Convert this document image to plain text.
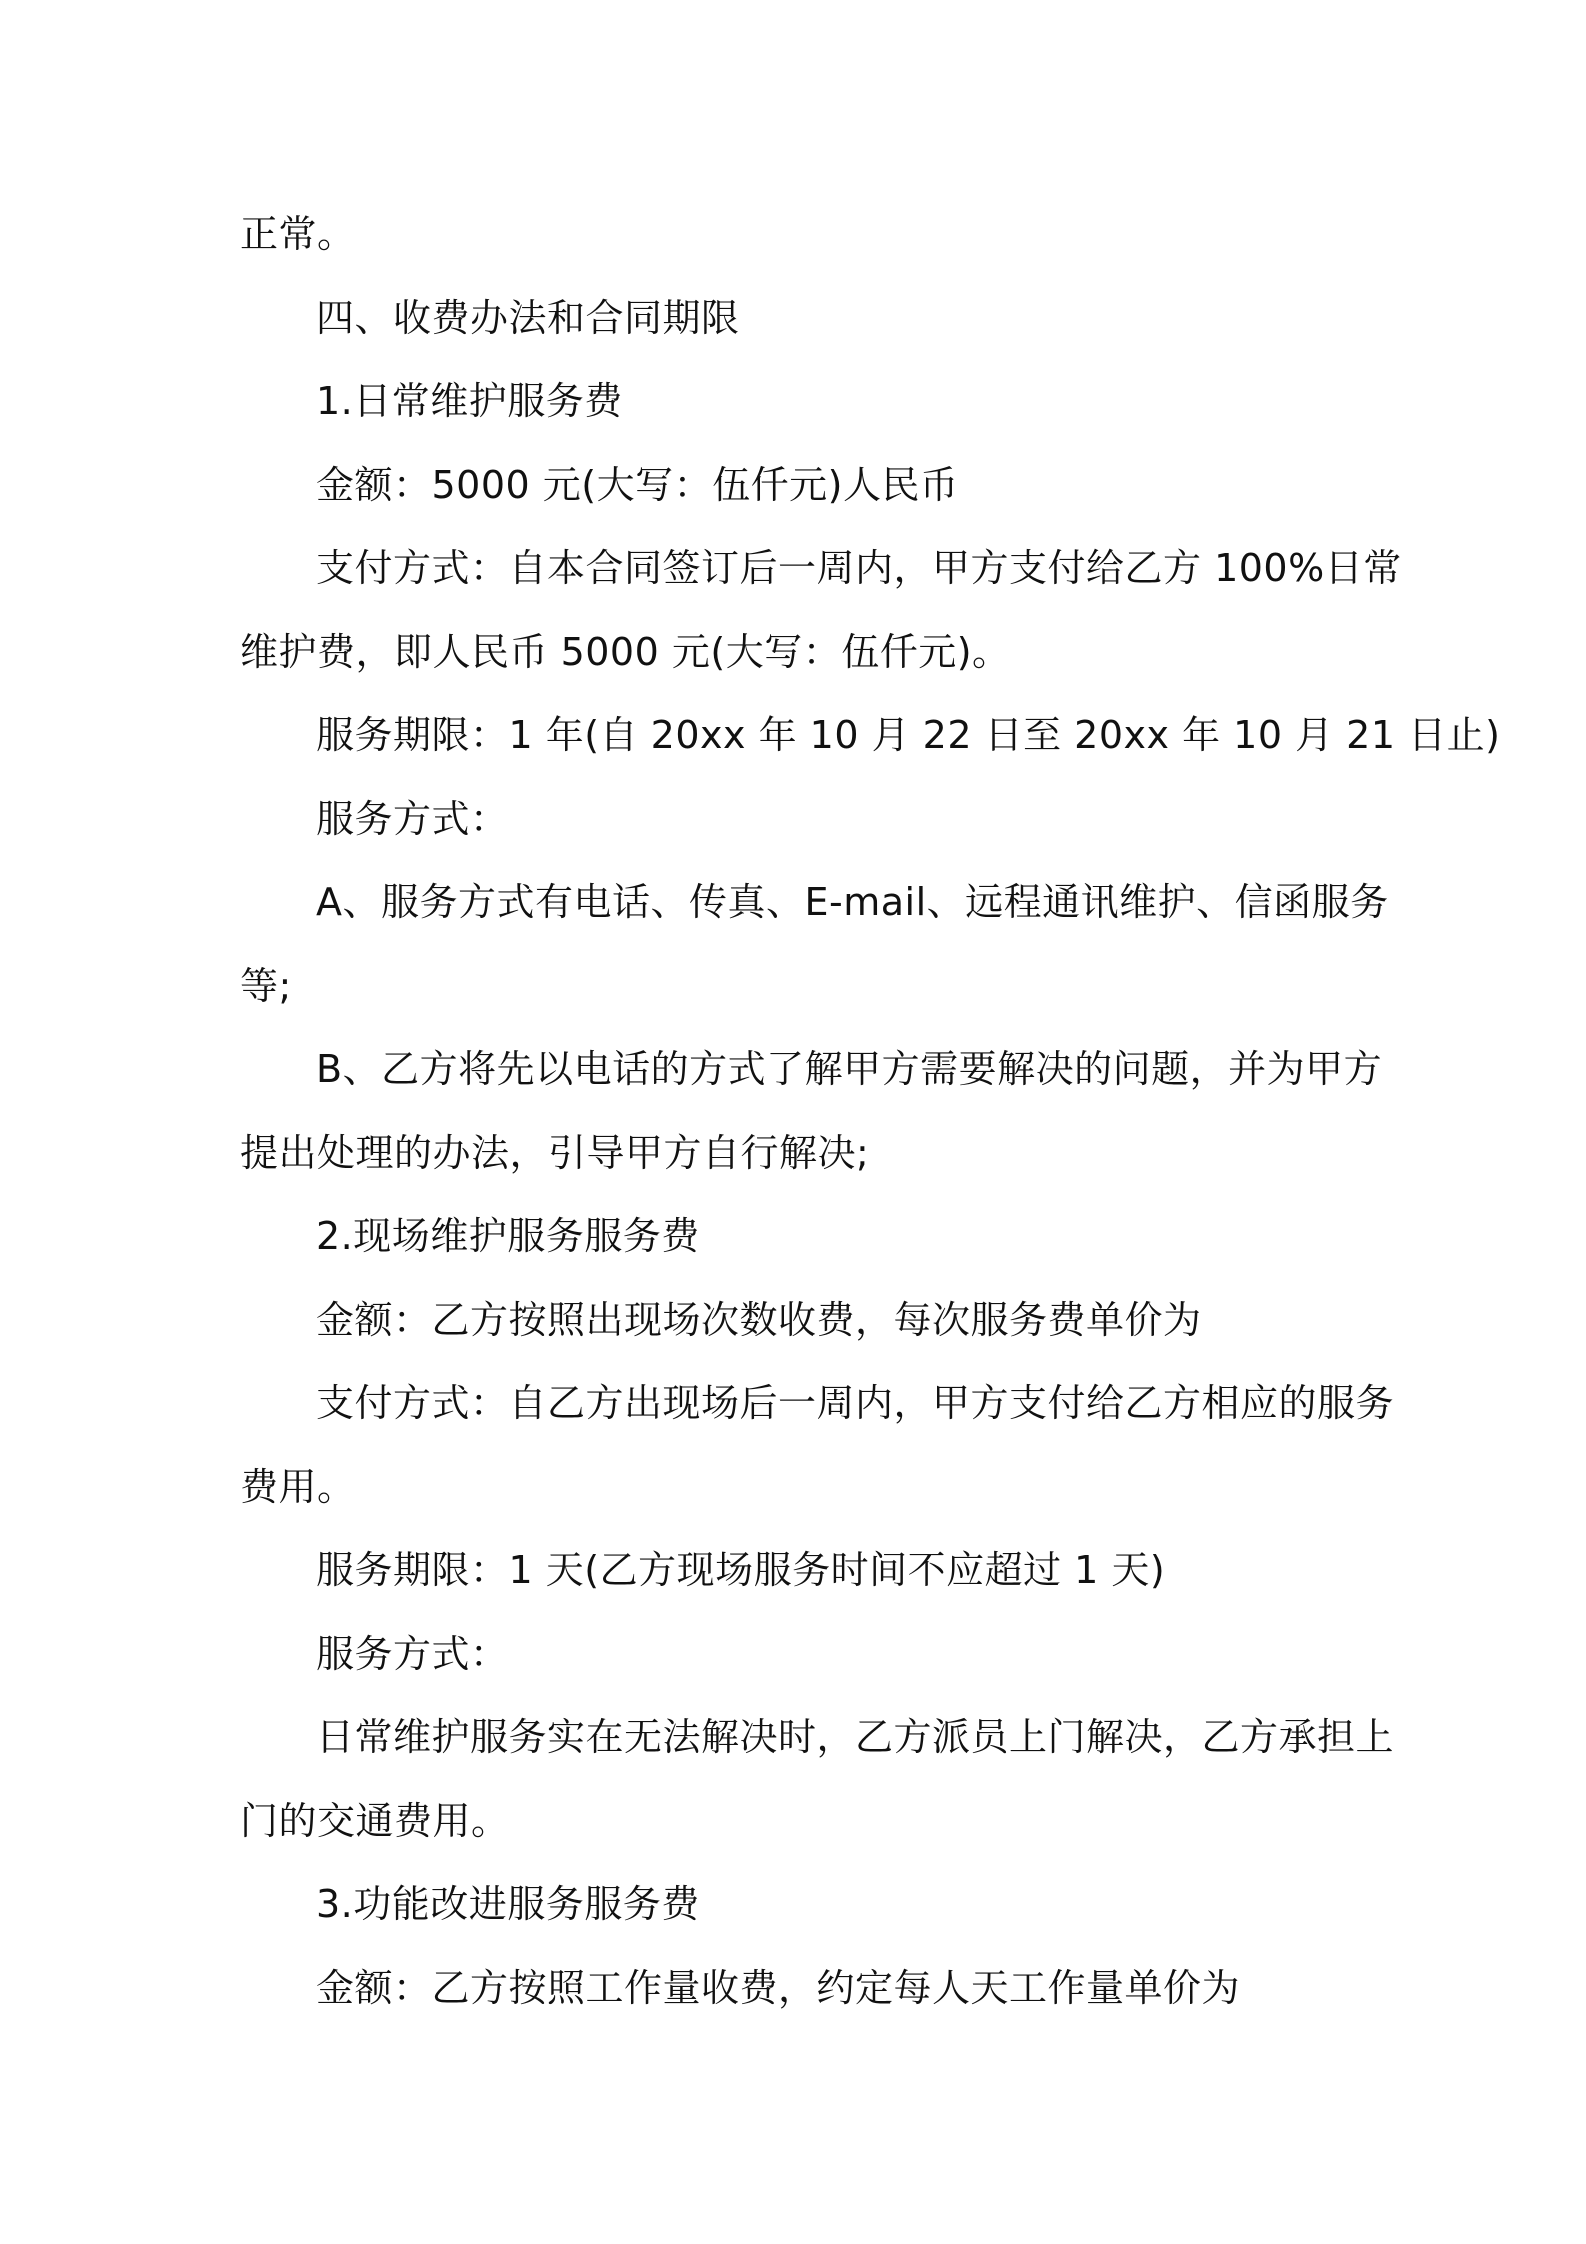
正常。
四、收费办法和合同期限
1.日常维护服务费
金额：5000 元(大写：伍仟元)人民币
支付方式：自本合同签订后一周内，甲方支付给乙方 100%日常
维护费，即人民币 5000 元(大写：伍仟元)。
服务期限：1 年(自 20xx 年 10 月 22 日至 20xx 年 10 月 21 日止)
服务方式：
A、服务方式有电话、传真、E-mail、远程通讯维护、信函服务
等;
B、乙方将先以电话的方式了解甲方需要解决的问题，并为甲方
提出处理的办法，引导甲方自行解决;
2.现场维护服务服务费
金额：乙方按照出现场次数收费，每次服务费单价为
支付方式：自乙方出现场后一周内，甲方支付给乙方相应的服务
费用。
服务期限：1 天(乙方现场服务时间不应超过 1 天)
服务方式：
日常维护服务实在无法解决时，乙方派员上门解决，乙方承担上
门的交通费用。
3.功能改进服务服务费
金额：乙方按照工作量收费，约定每人天工作量单价为
